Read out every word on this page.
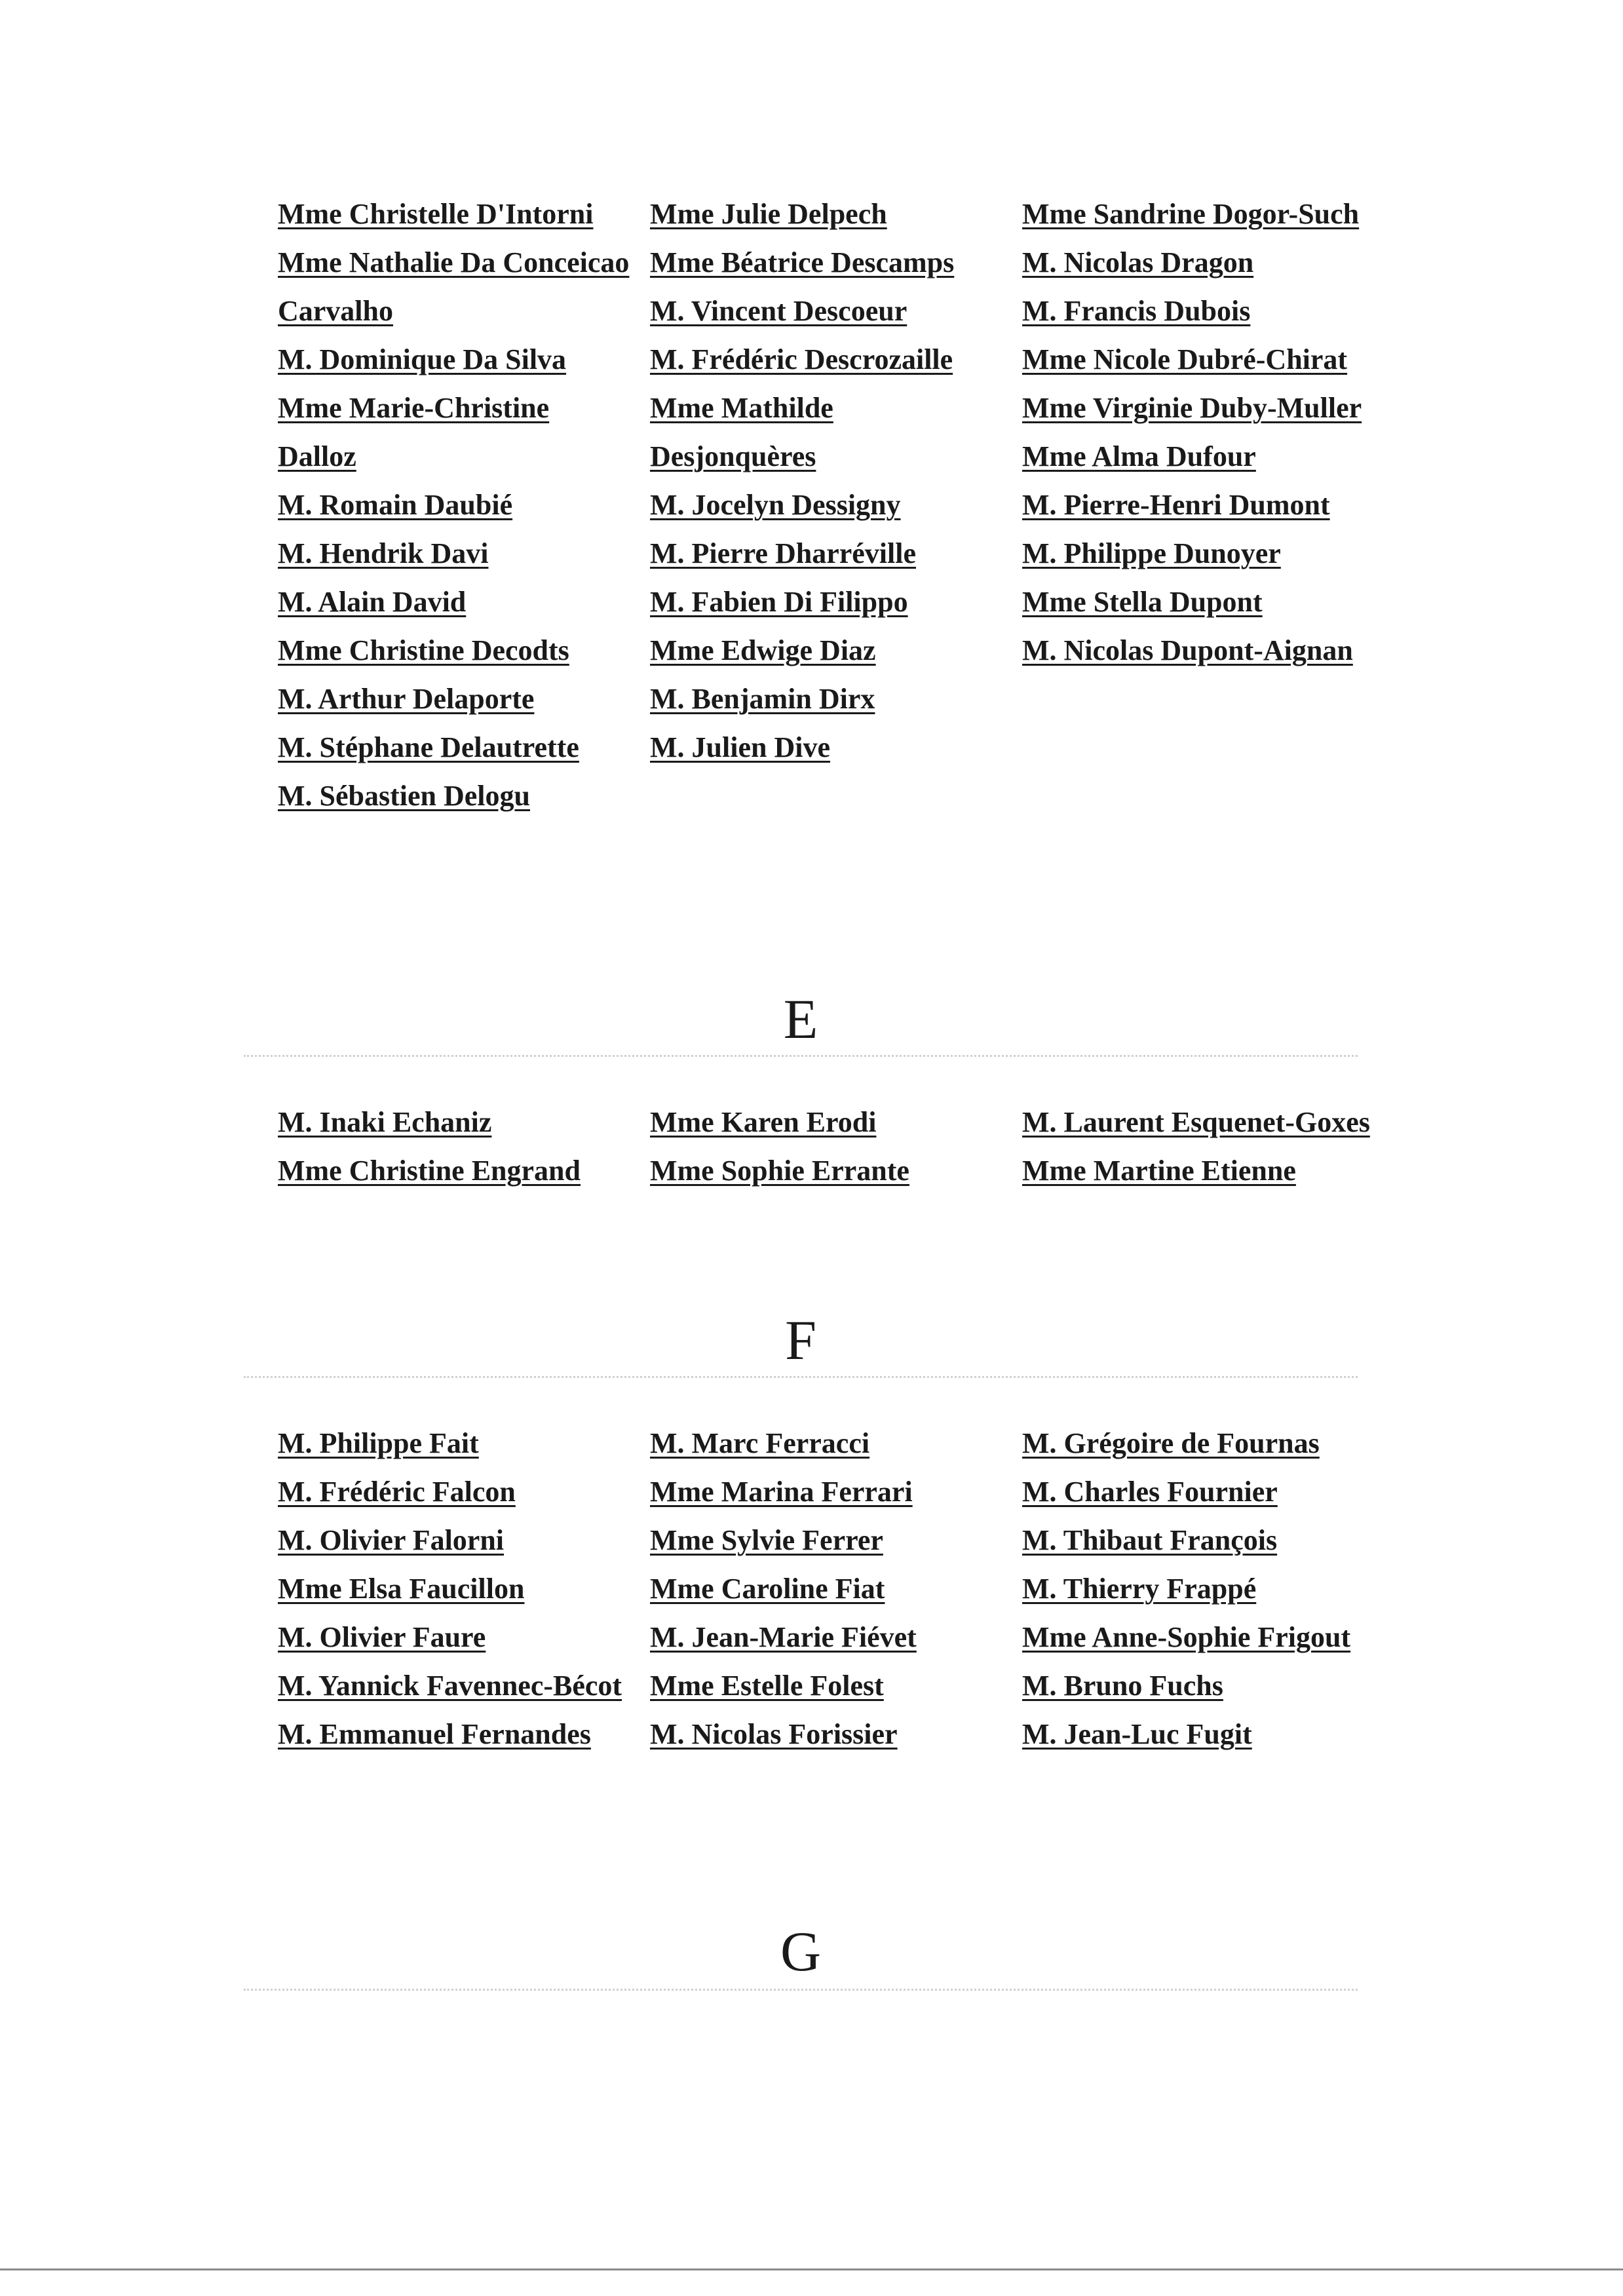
Mme Christelle D'Intorni
Mme Nathalie Da Conceicao Carvalho
M. Dominique Da Silva
Mme Marie-Christine Dalloz
M. Romain Daubié
M. Hendrik Davi
M. Alain David
Mme Christine Decodts
M. Arthur Delaporte
M. Stéphane Delautrette
M. Sébastien Delogu
Mme Julie Delpech
Mme Béatrice Descamps
M. Vincent Descoeur
M. Frédéric Descrozaille
Mme Mathilde Desjonquères
M. Jocelyn Dessigny
M. Pierre Dharréville
M. Fabien Di Filippo
Mme Edwige Diaz
M. Benjamin Dirx
M. Julien Dive
Mme Sandrine Dogor-Such
M. Nicolas Dragon
M. Francis Dubois
Mme Nicole Dubré-Chirat
Mme Virginie Duby-Muller
Mme Alma Dufour
M. Pierre-Henri Dumont
M. Philippe Dunoyer
Mme Stella Dupont
M. Nicolas Dupont-Aignan
E
M. Inaki Echaniz
Mme Christine Engrand
Mme Karen Erodi
Mme Sophie Errante
M. Laurent Esquenet-Goxes
Mme Martine Etienne
F
M. Philippe Fait
M. Frédéric Falcon
M. Olivier Falorni
Mme Elsa Faucillon
M. Olivier Faure
M. Yannick Favennec-Bécot
M. Emmanuel Fernandes
M. Marc Ferracci
Mme Marina Ferrari
Mme Sylvie Ferrer
Mme Caroline Fiat
M. Jean-Marie Fiévet
Mme Estelle Folest
M. Nicolas Forissier
M. Grégoire de Fournas
M. Charles Fournier
M. Thibaut François
M. Thierry Frappé
Mme Anne-Sophie Frigout
M. Bruno Fuchs
M. Jean-Luc Fugit
G
